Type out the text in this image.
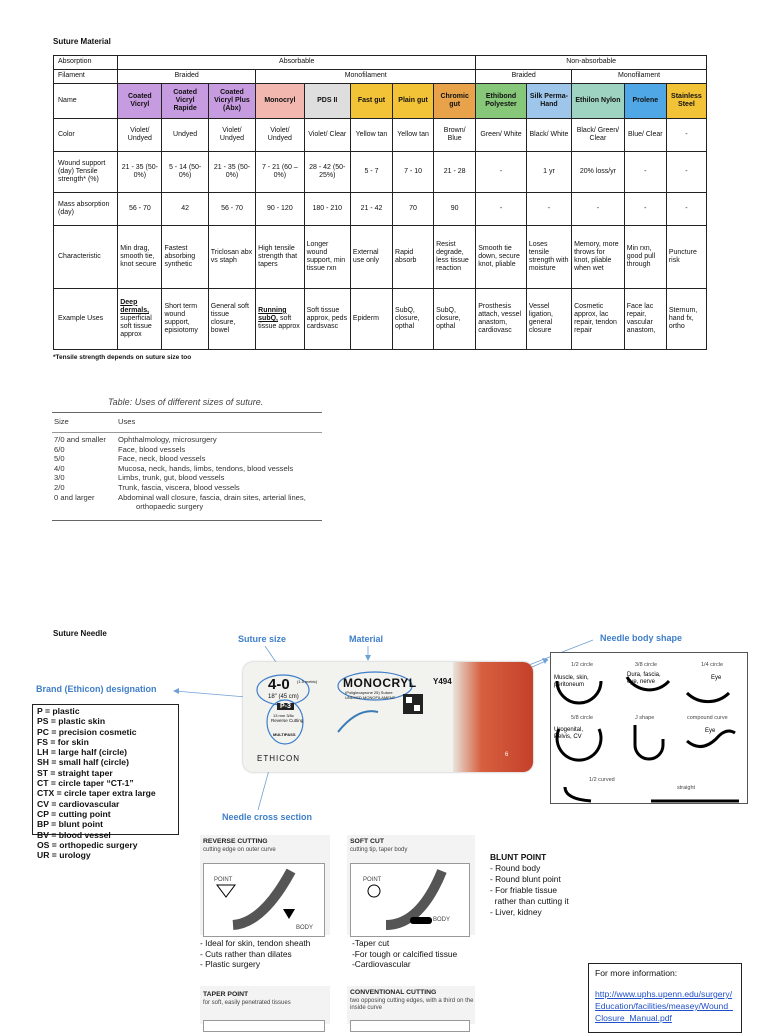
Suture Material
Absorption	Absorbable								Non-absorbable				
Filament	Braided			Monofilament					Braided		Monofilament		
Name	Coated Vicryl	Coated Vicryl Rapide	Coated Vicryl Plus (Abx)	Monocryl	PDS II	Fast gut	Plain gut	Chromic gut	Ethibond Polyester	Silk Perma-Hand	Ethilon Nylon	Prolene	Stainless Steel
Color	Violet/ Undyed	Undyed	Violet/ Undyed	Violet/ Undyed	Violet/ Clear	Yellow tan	Yellow tan	Brown/ Blue	Green/ White	Black/ White	Black/ Green/ Clear	Blue/ Clear	-
Wound support (day) Tensile strength* (%)	21 - 35 (50-0%)	5 - 14 (50-0%)	21 - 35 (50-0%)	7 - 21 (60 – 0%)	28 - 42 (50-25%)	5 - 7	7 - 10	21 - 28	-	1 yr	20% loss/yr	-	-
Mass absorption (day)	56 - 70	42	56 - 70	90 - 120	180 - 210	21 - 42	70	90	-	-	-	-	-
Characteristic	Min drag, smooth tie, knot secure	Fastest absorbing synthetic	Triclosan abx vs staph	High tensile strength that tapers	Longer wound support, min tissue rxn	External use only	Rapid absorb	Resist degrade, less tissue reaction	Smooth tie down, secure knot, pliable	Loses tensile strength with moisture	Memory, more throws for knot, pliable when wet	Min rxn, good pull through	Puncture risk
Example Uses	Deep dermals, superficial soft tissue approx	Short term wound support, episiotomy	General soft tissue closure, bowel	Running subQ, soft tissue approx	Soft tissue approx, peds cardsvasc	Epiderm	SubQ, closure, opthal	SubQ, closure, opthal	Prosthesis attach, vessel anastom, cardiovasc	Vessel ligation, general closure	Cosmetic approx, lac repair, tendon repair	Face lac repair, vascular anastom,	Sternum, hand fx, ortho
*Tensile strength depends on suture size too
Table: Uses of different sizes of suture.
Size	Uses
7/0 and smaller	Ophthalmology, microsurgery
6/0	Face, blood vessels
5/0	Face, neck, blood vessels
4/0	Mucosa, neck, hands, limbs, tendons, blood vessels
3/0	Limbs, trunk, gut, blood vessels
2/0	Trunk, fascia, viscera, blood vessels
0 and larger	Abdominal wall closure, fascia, drain sites, arterial lines,
orthopaedic surgery
Suture Needle
Suture size	Material	Needle body shape
Brand (Ethicon) designation
Needle cross section
P = plastic
PS = plastic skin
PC = precision cosmetic
FS = for skin
LH = large half (circle)
SH = small half (circle)
ST = straight taper
CT = circle taper “CT-1”
CTX = circle taper extra large
CV = cardiovascular
CP = cutting point
BP = blunt point
BV = blood vessel
OS = orthopedic surgery
UR = urology
4-0 (1.5 metric)
18" (45 cm)
MONOCRYL
(Poliglecaprone 25) Suture
UNDYED MONOFILAMENT
Y494
P-3
13 mm 3/8c
Reverse Cutting
MULTIPASS
ETHICON	6
1/2 circle	3/8 circle	1/4 circle
5/8 circle	J shape	compound curve
1/2 curved
straight
Muscle, skin, peritoneum
Dura, fascia, eye, nerve
Eye
Urogenital, Pelvis, CV
Eye
REVERSE CUTTING
cutting edge on outer curve
POINT
BODY
SOFT CUT
cutting tip, taper body
POINT
BODY
- Ideal for skin, tendon sheath
- Cuts rather than dilates
- Plastic surgery
-Taper cut
-For tough or calcified tissue
-Cardiovascular
BLUNT POINT
- Round body
- Round blunt point
- For friable tissue
rather than cutting it
- Liver, kidney
TAPER POINT
for soft, easily penetrated tissues
CONVENTIONAL CUTTING
two opposing cutting edges, with a third on the inside curve
For more information:
http://www.uphs.upenn.edu/surgery/Education/facilities/measey/Wound_Closure_Manual.pdf
